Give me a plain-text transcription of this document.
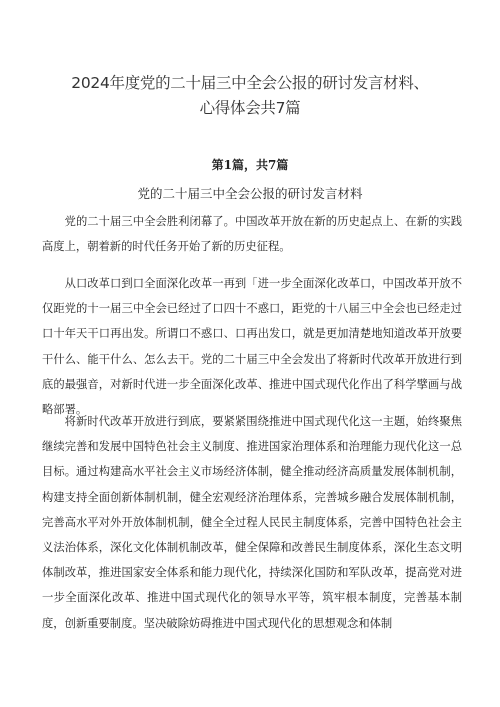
2024年度党的二十届三中全会公报的研讨发言材料、
心得体会共7篇
第1篇，共7篇
党的二十届三中全会公报的研讨发言材料

党的二十届三中全会胜利闭幕了。中国改革开放在新的历史起点上、在新的实践高度上，朝着新的时代任务开始了新的历史征程。

从口改革口到口全面深化改革一再到「进一步全面深化改革口，中国改革开放不仅距党的十一届三中全会已经过了口四十不惑口，距党的十八届三中全会也已经走过口十年天干口再出发。所谓口不惑口、口再出发口，就是更加清楚地知道改革开放要干什么、能干什么、怎么去干。党的二十届三中全会发出了将新时代改革开放进行到底的最强音，对新时代进一步全面深化改革、推进中国式现代化作出了科学擘画与战略部署。

将新时代改革开放进行到底，要紧紧围绕推进中国式现代化这一主题，始终聚焦继续完善和发展中国特色社会主义制度、推进国家治理体系和治理能力现代化这一总目标。通过构建高水平社会主义市场经济体制，健全推动经济高质量发展体制机制，构建支持全面创新体制机制，健全宏观经济治理体系，完善城乡融合发展体制机制，完善高水平对外开放体制机制，健全全过程人民民主制度体系，完善中国特色社会主义法治体系，深化文化体制机制改革，健全保障和改善民生制度体系，深化生态文明体制改革，推进国家安全体系和能力现代化，持续深化国防和军队改革，提高党对进一步全面深化改革、推进中国式现代化的领导水平等，筑牢根本制度，完善基本制度，创新重要制度。坚决破除妨碍推进中国式现代化的思想观念和体制
